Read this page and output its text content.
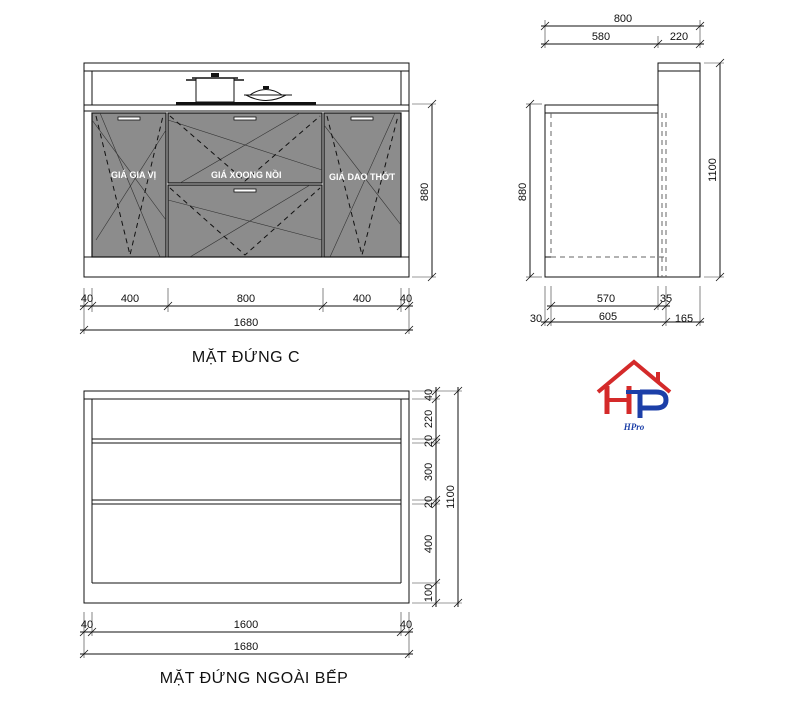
GIÁ GIA VỊ	GIÁ XOONG NỒI	GIÁ DAO THỚT
880
40	400	800	400	40
1680
MẶT ĐỨNG C
800
580	220
880
1100
570	35
30	605	165
HPro
40
220
20
300
20
400
100
1100
40	1600	40
1680
MẶT ĐỨNG NGOÀI BẾP
